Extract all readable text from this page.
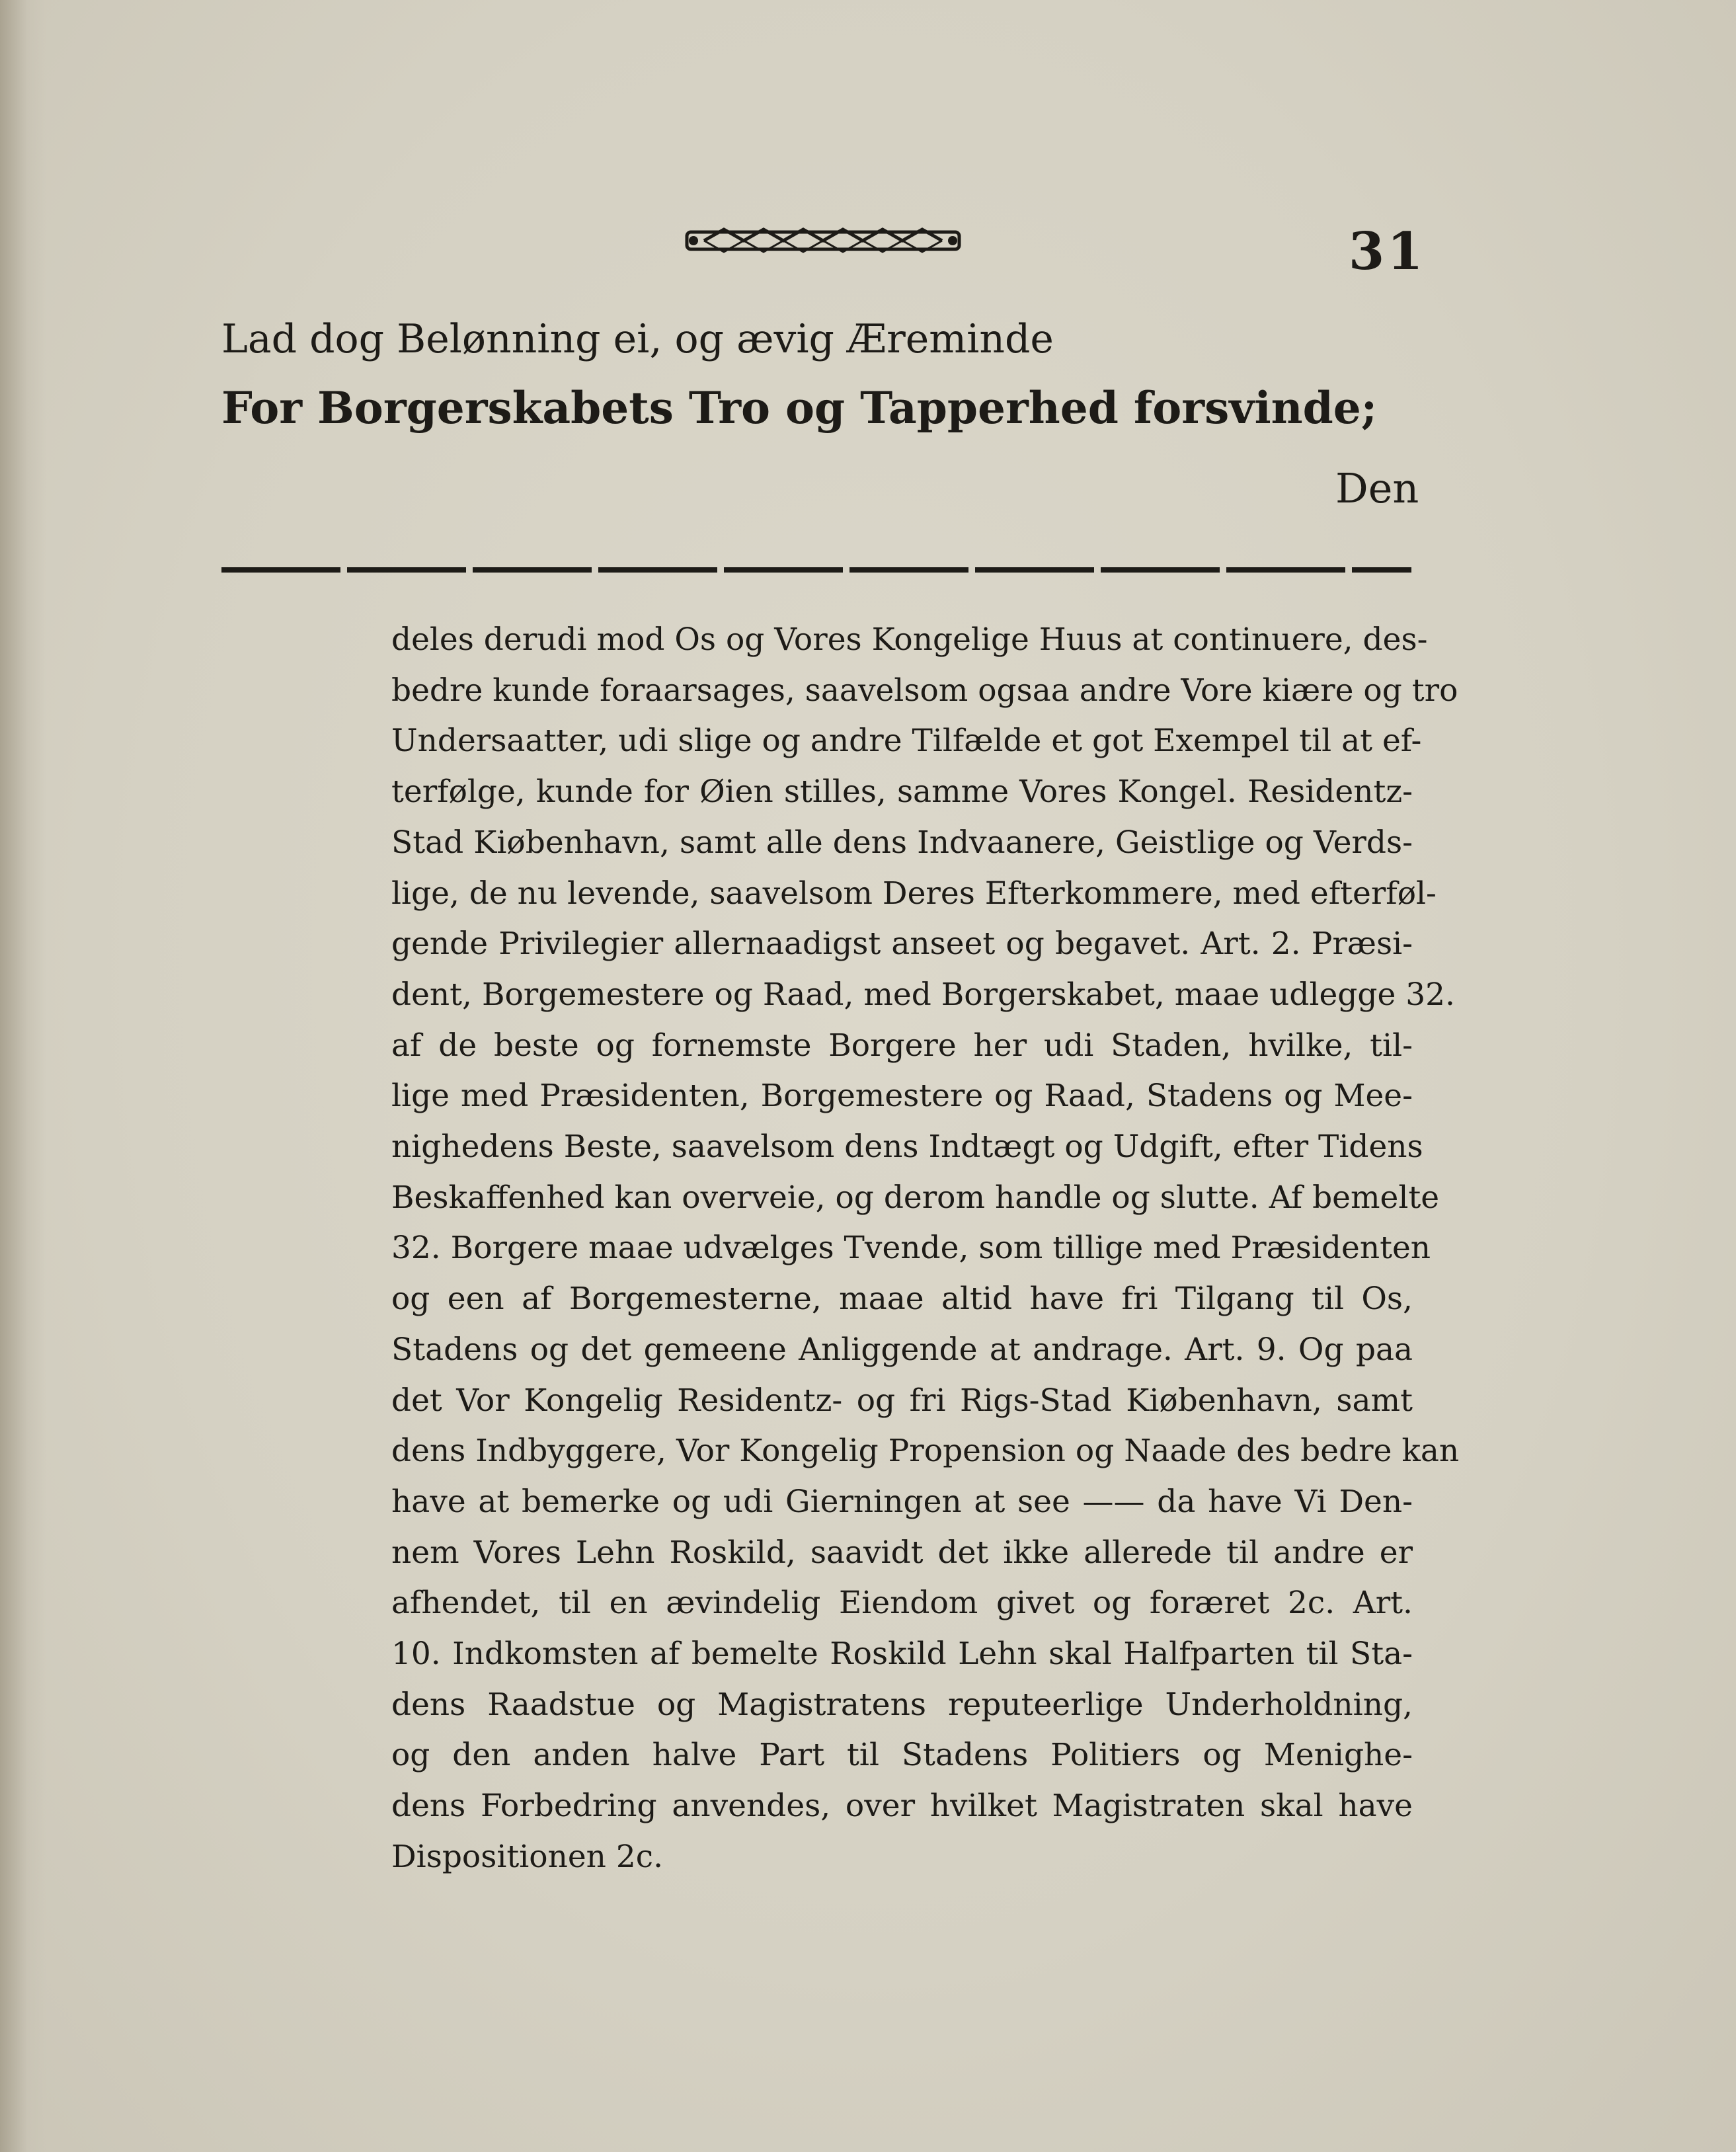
31
Lad dog Belønning ei, og ævig Æreminde
For Borgerskabets Tro og Tapperhed forsvinde;
Den
deles derudi mod Os og Vores Kongelige Huus at continuere, des-
bedre kunde foraarsages, saavelsom ogsaa andre Vore kiære og tro
Undersaatter, udi slige og andre Tilfælde et got Exempel til at ef-
terfølge, kunde for Øien stilles, samme Vores Kongel. Residentz-
Stad Kiøbenhavn, samt alle dens Indvaanere, Geistlige og Verds-
lige, de nu levende, saavelsom Deres Efterkommere, med efterføl-
gende Privilegier allernaadigst anseet og begavet. Art. 2. Præsi-
dent, Borgemestere og Raad, med Borgerskabet, maae udlegge 32.
af de beste og fornemste Borgere her udi Staden, hvilke, til-
lige med Præsidenten, Borgemestere og Raad, Stadens og Mee-
nighedens Beste, saavelsom dens Indtægt og Udgift, efter Tidens
Beskaffenhed kan overveie, og derom handle og slutte. Af bemelte
32. Borgere maae udvælges Tvende, som tillige med Præsidenten
og een af Borgemesterne, maae altid have fri Tilgang til Os,
Stadens og det gemeene Anliggende at andrage. Art. 9. Og paa
det Vor Kongelig Residentz- og fri Rigs-Stad Kiøbenhavn, samt
dens Indbyggere, Vor Kongelig Propension og Naade des bedre kan
have at bemerke og udi Gierningen at see —— da have Vi Den-
nem Vores Lehn Roskild, saavidt det ikke allerede til andre er
afhendet, til en ævindelig Eiendom givet og foræret 2c. Art.
10. Indkomsten af bemelte Roskild Lehn skal Halfparten til Sta-
dens Raadstue og Magistratens reputeerlige Underholdning,
og den anden halve Part til Stadens Politiers og Menighe-
dens Forbedring anvendes, over hvilket Magistraten skal have
Dispositionen 2c.
